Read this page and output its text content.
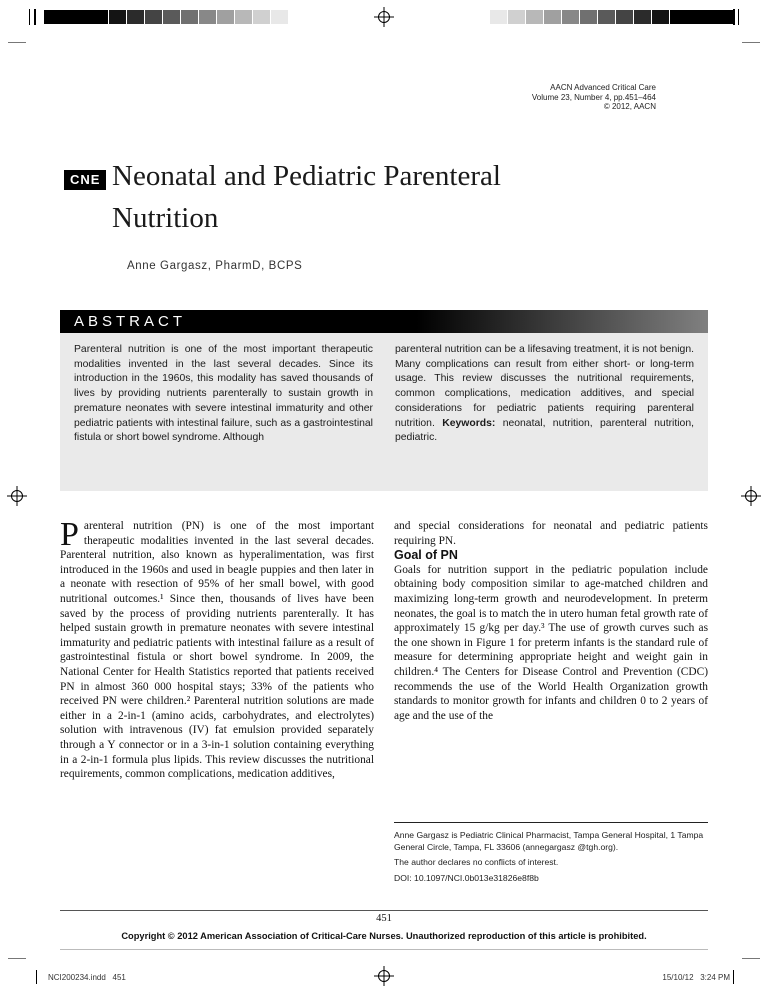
AACN Advanced Critical Care
Volume 23, Number 4, pp.451–464
© 2012, AACN
CNE Neonatal and Pediatric Parenteral
Nutrition
Anne Gargasz, PharmD, BCPS
ABSTRACT

Parenteral nutrition is one of the most important therapeutic modalities invented in the last several decades. Since its introduction in the 1960s, this modality has saved thousands of lives by providing nutrients parenterally to sustain growth in premature neonates with severe intestinal immaturity and other pediatric patients with intestinal failure, such as a gastrointestinal fistula or short bowel syndrome. Although

parenteral nutrition can be a lifesaving treatment, it is not benign. Many complications can result from either short- or long-term usage. This review discusses the nutritional requirements, common complications, medication additives, and special considerations for pediatric patients requiring parenteral nutrition. Keywords: neonatal, nutrition, parenteral nutrition, pediatric.

Parenteral nutrition (PN) is one of the most important therapeutic modalities invented in the last several decades. Parenteral nutrition, also known as hyperalimentation, was first introduced in the 1960s and used in beagle puppies and then later in a neonate with resection of 95% of her small bowel, with good nutritional outcomes.¹ Since then, thousands of lives have been saved by the process of providing nutrients parenterally. It has helped sustain growth in premature neonates with severe intestinal immaturity and pediatric patients with intestinal failure as a result of gastrointestinal fistula or short bowel syndrome. In 2009, the National Center for Health Statistics reported that patients received PN in almost 360 000 hospital stays; 33% of the patients who received PN were children.² Parenteral nutrition solutions are made either in a 2-in-1 (amino acids, carbohydrates, and electrolytes) solution with intravenous (IV) fat emulsion provided separately through a Y connector or in a 3-in-1 solution containing everything in a 2-in-1 formula plus lipids. This review discusses the nutritional requirements, common complications, medication additives,

and special considerations for neonatal and pediatric patients requiring PN.

Goal of PN

Goals for nutrition support in the pediatric population include obtaining body composition similar to age-matched children and maximizing long-term growth and neurodevelopment. In preterm neonates, the goal is to match the in utero human fetal growth rate of approximately 15 g/kg per day.³ The use of growth curves such as the one shown in Figure 1 for preterm infants is the standard rule of measure for determining appropriate height and weight gain in children.⁴ The Centers for Disease Control and Prevention (CDC) recommends the use of the World Health Organization growth standards to monitor growth for infants and children 0 to 2 years of age and the use of the

Anne Gargasz is Pediatric Clinical Pharmacist, Tampa General Hospital, 1 Tampa General Circle, Tampa, FL 33606 (annegargasz @tgh.org).

The author declares no conflicts of interest.

DOI: 10.1097/NCI.0b013e31826e8f8b

451
Copyright © 2012 American Association of Critical-Care Nurses. Unauthorized reproduction of this article is prohibited.
NCI200234.indd   451	15/10/12   3:24 PM
